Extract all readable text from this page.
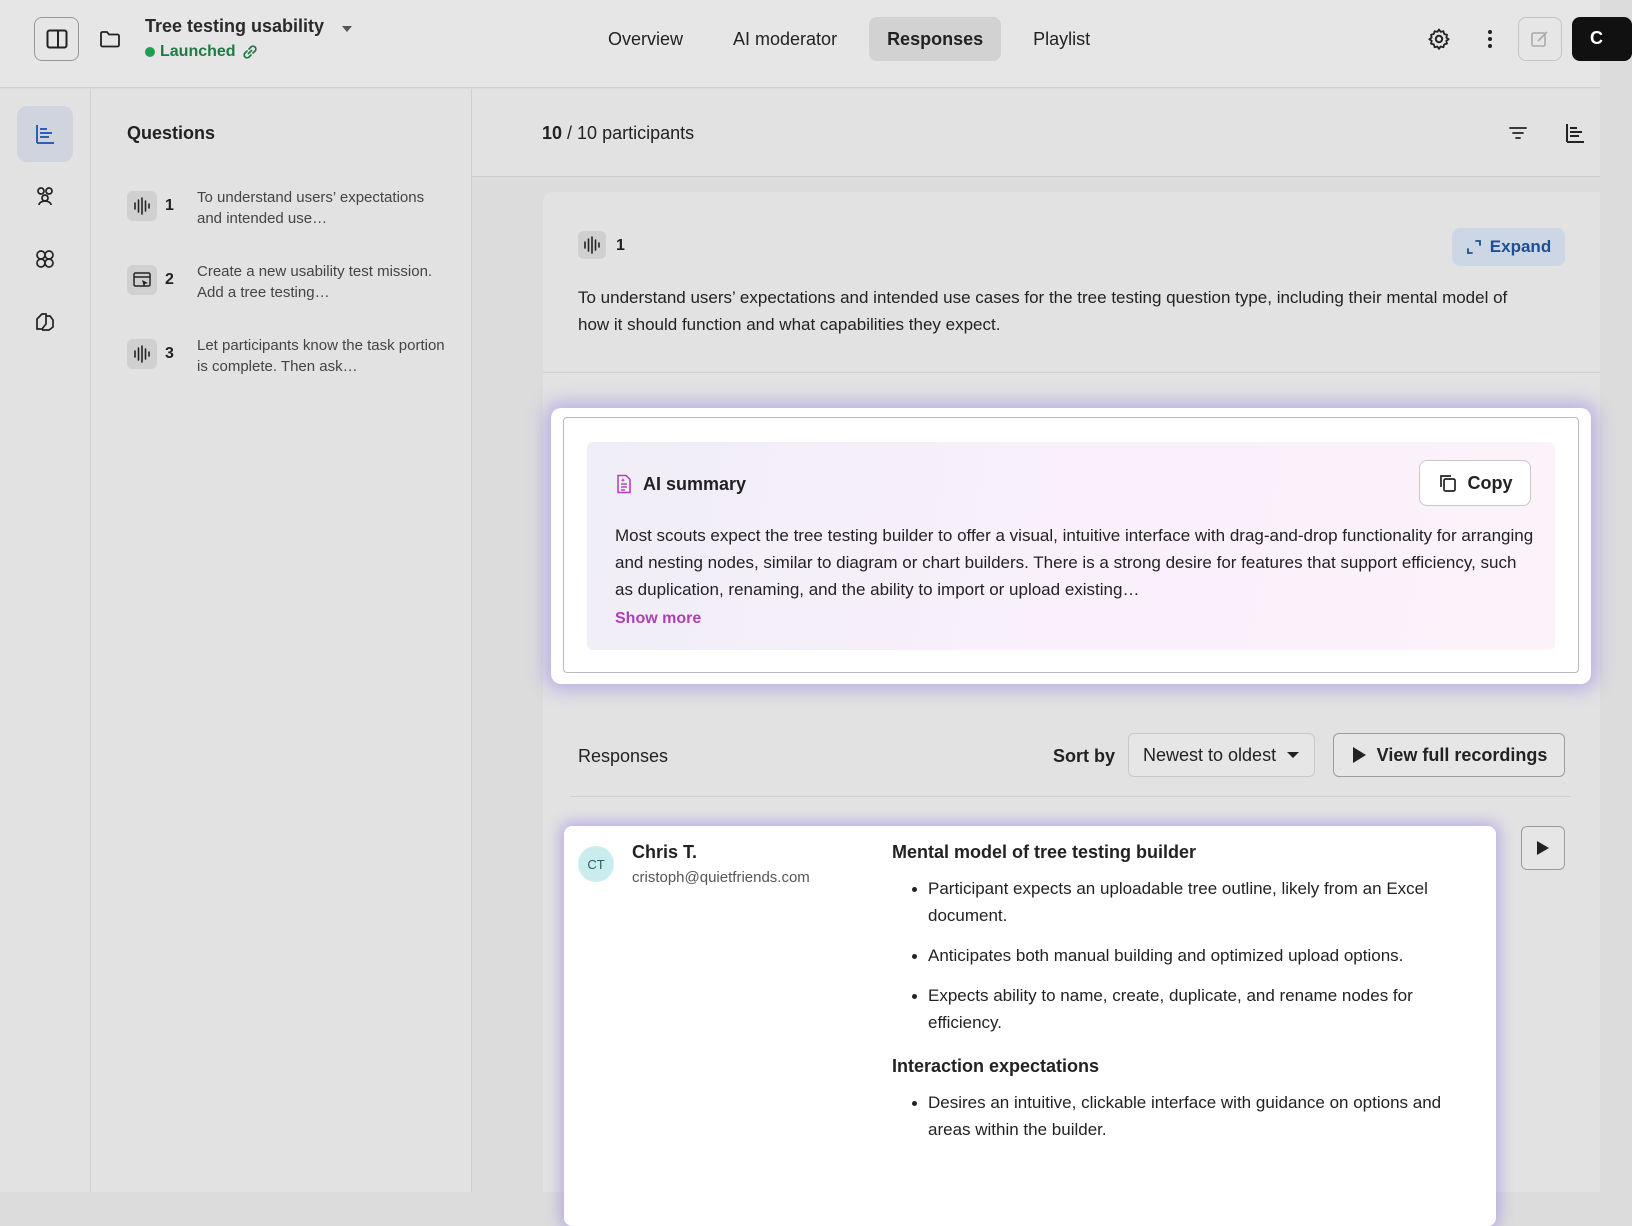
Tree testing usability
Launched
Overview	AI moderator	Responses	Playlist	C
Questions
1 To understand users’ expectations and intended use…
2 Create a new usability test mission. Add a tree testing…
3 Let participants know the task portion is complete. Then ask…
10 / 10 participants
1	Expand
To understand users’ expectations and intended use cases for the tree testing question type, including their mental model of how it should function and what capabilities they expect.
AI summary	Copy
Most scouts expect the tree testing builder to offer a visual, intuitive interface with drag-and-drop functionality for arranging and nesting nodes, similar to diagram or chart builders. There is a strong desire for features that support efficiency, such as duplication, renaming, and the ability to import or upload existing…
Show more
Responses	Sort by Newest to oldest	View full recordings
CT
Chris T.
cristoph@quietfriends.com
Mental model of tree testing builder
Participant expects an uploadable tree outline, likely from an Excel document.
Anticipates both manual building and optimized upload options.
Expects ability to name, create, duplicate, and rename nodes for efficiency.
Interaction expectations
Desires an intuitive, clickable interface with guidance on options and areas within the builder.
